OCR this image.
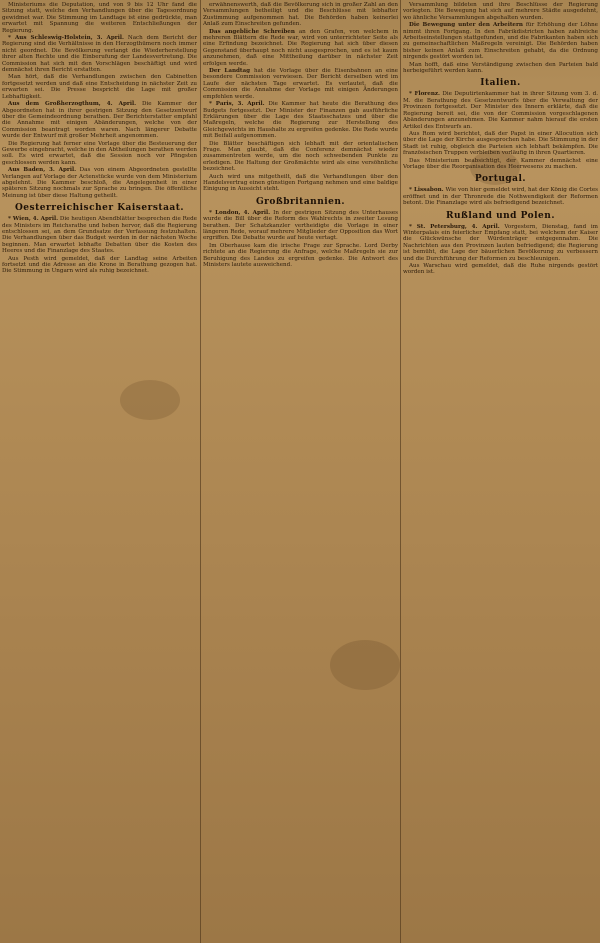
Ministeriums die Deputation, und von 9 bis 12 Uhr fand die Sitzung statt, welche den Verhandlungen über die Tagesordnung gewidmet war. Die Stimmung im Landtage ist eine gedrückte, man erwartet mit Spannung die weiteren Entschließungen der Regierung.

* Aus Schleswig-Holstein, 3. April. Nach dem Bericht der Regierung sind die Verhältnisse in den Herzogthümern noch immer nicht geordnet. Die Bevölkerung verlangt die Wiederherstellung ihrer alten Rechte und die Einberufung der Landesvertretung. Die Commission hat sich mit den Vorschlägen beschäftigt und wird demnächst ihren Bericht erstatten.

Man hört, daß die Verhandlungen zwischen den Cabinetten fortgesetzt werden und daß eine Entscheidung in nächster Zeit zu erwarten sei. Die Presse bespricht die Lage mit großer Lebhaftigkeit.

Aus dem Großherzogthum, 4. April. Die Kammer der Abgeordneten hat in ihrer gestrigen Sitzung den Gesetzentwurf über die Gemeindeordnung berathen. Der Berichterstatter empfahl die Annahme mit einigen Abänderungen, welche von der Commission beantragt worden waren. Nach längerer Debatte wurde der Entwurf mit großer Mehrheit angenommen.

Die Regierung hat ferner eine Vorlage über die Besteuerung der Gewerbe eingebracht, welche in den Abtheilungen berathen werden soll. Es wird erwartet, daß die Session noch vor Pfingsten geschlossen werden kann.

Aus Baden, 3. April. Das von einem Abgeordneten gestellte Verlangen auf Vorlage der Actenstücke wurde von dem Ministerium abgelehnt. Die Kammer beschloß, die Angelegenheit in einer späteren Sitzung nochmals zur Sprache zu bringen. Die öffentliche Meinung ist über diese Haltung getheilt.

Oesterreichischer Kaiserstaat.

* Wien, 4. April. Die heutigen Abendblätter besprechen die Rede des Ministers im Reichsrathe und heben hervor, daß die Regierung entschlossen sei, an dem Grundsatze der Verfassung festzuhalten. Die Verhandlungen über das Budget werden in der nächsten Woche beginnen. Man erwartet lebhafte Debatten über die Kosten des Heeres und die Finanzlage des Staates.

Aus Pesth wird gemeldet, daß der Landtag seine Arbeiten fortsetzt und die Adresse an die Krone in Berathung gezogen hat. Die Stimmung in Ungarn wird als ruhig bezeichnet.

erwähnenswerth, daß die Bevölkerung sich in großer Zahl an den Versammlungen betheiligt und die Beschlüsse mit lebhafter Zustimmung aufgenommen hat. Die Behörden haben keinerlei Anlaß zum Einschreiten gefunden.

Das angebliche Schreiben an den Grafen, von welchem in mehreren Blättern die Rede war, wird von unterrichteter Seite als eine Erfindung bezeichnet. Die Regierung hat sich über diesen Gegenstand überhaupt noch nicht ausgesprochen, und es ist kaum anzunehmen, daß eine Mittheilung darüber in nächster Zeit erfolgen werde.

Der Landtag hat die Vorlage über die Eisenbahnen an eine besondere Commission verwiesen. Der Bericht derselben wird im Laufe der nächsten Tage erwartet. Es verlautet, daß die Commission die Annahme der Vorlage mit einigen Änderungen empfehlen werde.

* Paris, 3. April. Die Kammer hat heute die Berathung des Budgets fortgesetzt. Der Minister der Finanzen gab ausführliche Erklärungen über die Lage des Staatsschatzes und über die Maßregeln, welche die Regierung zur Herstellung des Gleichgewichts im Haushalte zu ergreifen gedenke. Die Rede wurde mit Beifall aufgenommen.

Die Blätter beschäftigen sich lebhaft mit der orientalischen Frage. Man glaubt, daß die Conferenz demnächst wieder zusammentreten werde, um die noch schwebenden Punkte zu erledigen. Die Haltung der Großmächte wird als eine versöhnliche bezeichnet.

Auch wird uns mitgetheilt, daß die Verhandlungen über den Handelsvertrag einen günstigen Fortgang nehmen und eine baldige Einigung in Aussicht steht.

Großbritannien.

* London, 4. April. In der gestrigen Sitzung des Unterhauses wurde die Bill über die Reform des Wahlrechts in zweiter Lesung berathen. Der Schatzkanzler vertheidigte die Vorlage in einer längeren Rede, worauf mehrere Mitglieder der Opposition das Wort ergriffen. Die Debatte wurde auf heute vertagt.

Im Oberhause kam die irische Frage zur Sprache. Lord Derby richtete an die Regierung die Anfrage, welche Maßregeln sie zur Beruhigung des Landes zu ergreifen gedenke. Die Antwort des Ministers lautete ausweichend.

Versammlung bildeten und ihre Beschlüsse der Regierung vorlegten. Die Bewegung hat sich auf mehrere Städte ausgedehnt, wo ähnliche Versammlungen abgehalten wurden.

Die Bewegung unter den Arbeitern für Erhöhung der Löhne nimmt ihren Fortgang. In den Fabrikdistricten haben zahlreiche Arbeitseinstellungen stattgefunden, und die Fabrikanten haben sich zu gemeinschaftlichen Maßregeln vereinigt. Die Behörden haben bisher keinen Anlaß zum Einschreiten gehabt, da die Ordnung nirgends gestört worden ist.

Man hofft, daß eine Verständigung zwischen den Parteien bald herbeigeführt werden kann.

Italien.

* Florenz. Die Deputirtenkammer hat in ihrer Sitzung vom 3. d. M. die Berathung des Gesetzentwurfs über die Verwaltung der Provinzen fortgesetzt. Der Minister des Innern erklärte, daß die Regierung bereit sei, die von der Commission vorgeschlagenen Abänderungen anzunehmen. Die Kammer nahm hierauf die ersten Artikel des Entwurfs an.

Aus Rom wird berichtet, daß der Papst in einer Allocution sich über die Lage der Kirche ausgesprochen habe. Die Stimmung in der Stadt ist ruhig, obgleich die Parteien sich lebhaft bekämpfen. Die französischen Truppen verbleiben vorläufig in ihren Quartieren.

Das Ministerium beabsichtigt, der Kammer demnächst eine Vorlage über die Reorganisation des Heerwesens zu machen.

Portugal.

* Lissabon. Wie von hier gemeldet wird, hat der König die Cortes eröffnet und in der Thronrede die Nothwendigkeit der Reformen betont. Die Finanzlage wird als befriedigend bezeichnet.

Rußland und Polen.

* St. Petersburg, 4. April. Vorgestern, Dienstag, fand im Winterpalais ein feierlicher Empfang statt, bei welchem der Kaiser die Glückwünsche der Würdenträger entgegennahm. Die Nachrichten aus den Provinzen lauten befriedigend; die Regierung ist bemüht, die Lage der bäuerlichen Bevölkerung zu verbessern und die Durchführung der Reformen zu beschleunigen.

Aus Warschau wird gemeldet, daß die Ruhe nirgends gestört worden ist.
